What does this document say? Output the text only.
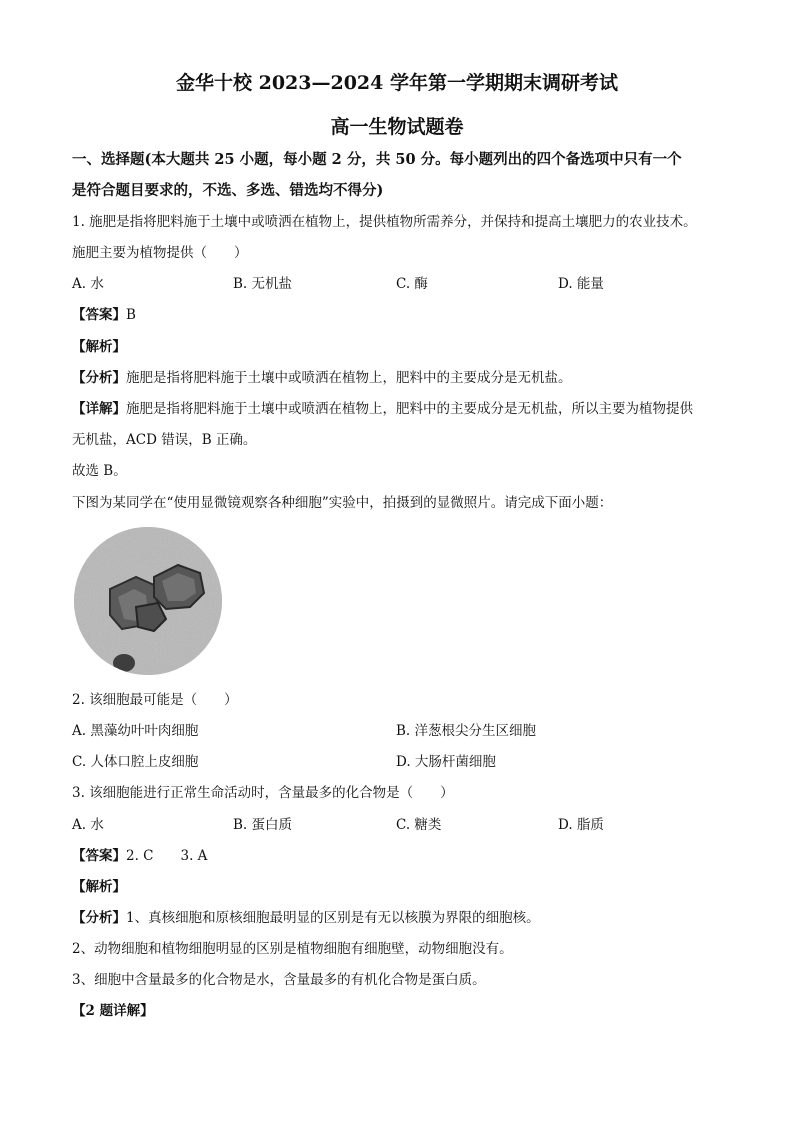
金华十校 2023—2024 学年第一学期期末调研考试
高一生物试题卷
一、选择题(本大题共 25 小题，每小题 2 分，共 50 分。每小题列出的四个备选项中只有一个
是符合题目要求的，不选、多选、错选均不得分)
1. 施肥是指将肥料施于土壤中或喷洒在植物上，提供植物所需养分，并保持和提高土壤肥力的农业技术。
施肥主要为植物提供（　　）
A. 水	B. 无机盐	C. 酶	D. 能量
【答案】B
【解析】
【分析】施肥是指将肥料施于土壤中或喷洒在植物上，肥料中的主要成分是无机盐。
【详解】施肥是指将肥料施于土壤中或喷洒在植物上，肥料中的主要成分是无机盐，所以主要为植物提供
无机盐，ACD 错误，B 正确。
故选 B。
下图为某同学在“使用显微镜观察各种细胞”实验中，拍摄到的显微照片。请完成下面小题：
2. 该细胞最可能是（　　）
A. 黑藻幼叶叶肉细胞	B. 洋葱根尖分生区细胞
C. 人体口腔上皮细胞	D. 大肠杆菌细胞
3. 该细胞能进行正常生命活动时，含量最多的化合物是（　　）
A. 水	B. 蛋白质	C. 糖类	D. 脂质
【答案】2. C　　3. A
【解析】
【分析】1、真核细胞和原核细胞最明显的区别是有无以核膜为界限的细胞核。
2、动物细胞和植物细胞明显的区别是植物细胞有细胞壁，动物细胞没有。
3、细胞中含量最多的化合物是水，含量最多的有机化合物是蛋白质。
【2 题详解】
